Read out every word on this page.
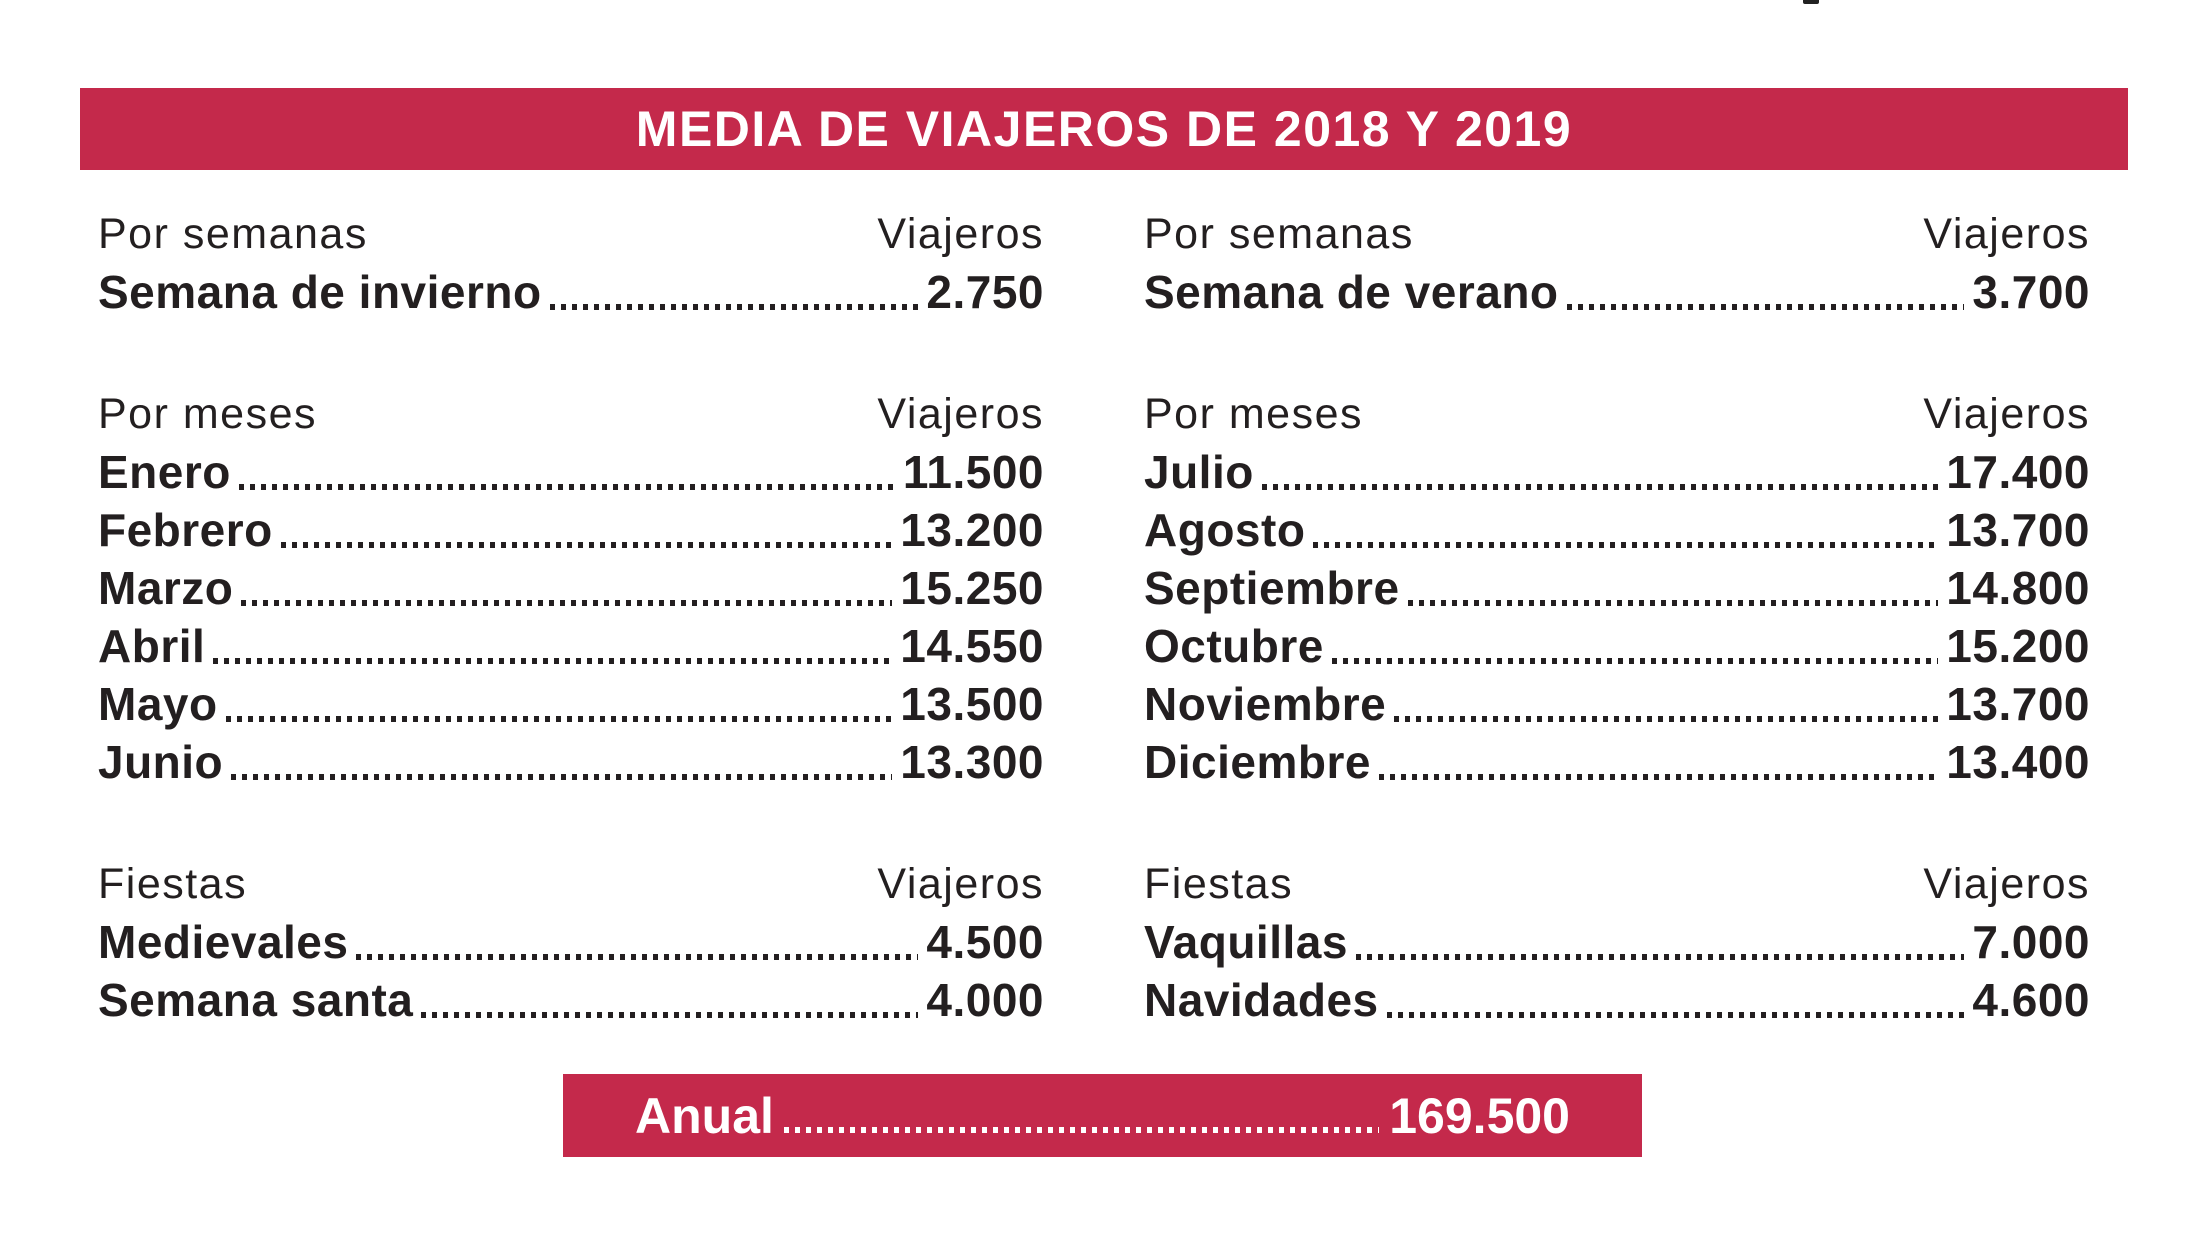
MEDIA DE VIAJEROS DE 2018 Y 2019
Por semanas	Viajeros
Semana de invierno	2.750
Por meses	Viajeros
Enero	11.500
Febrero	13.200
Marzo	15.250
Abril	14.550
Mayo	13.500
Junio	13.300
Fiestas	Viajeros
Medievales	4.500
Semana santa	4.000
Por semanas	Viajeros
Semana de verano	3.700
Por meses	Viajeros
Julio	17.400
Agosto	13.700
Septiembre	14.800
Octubre	15.200
Noviembre	13.700
Diciembre	13.400
Fiestas	Viajeros
Vaquillas	7.000
Navidades	4.600
Anual	169.500
